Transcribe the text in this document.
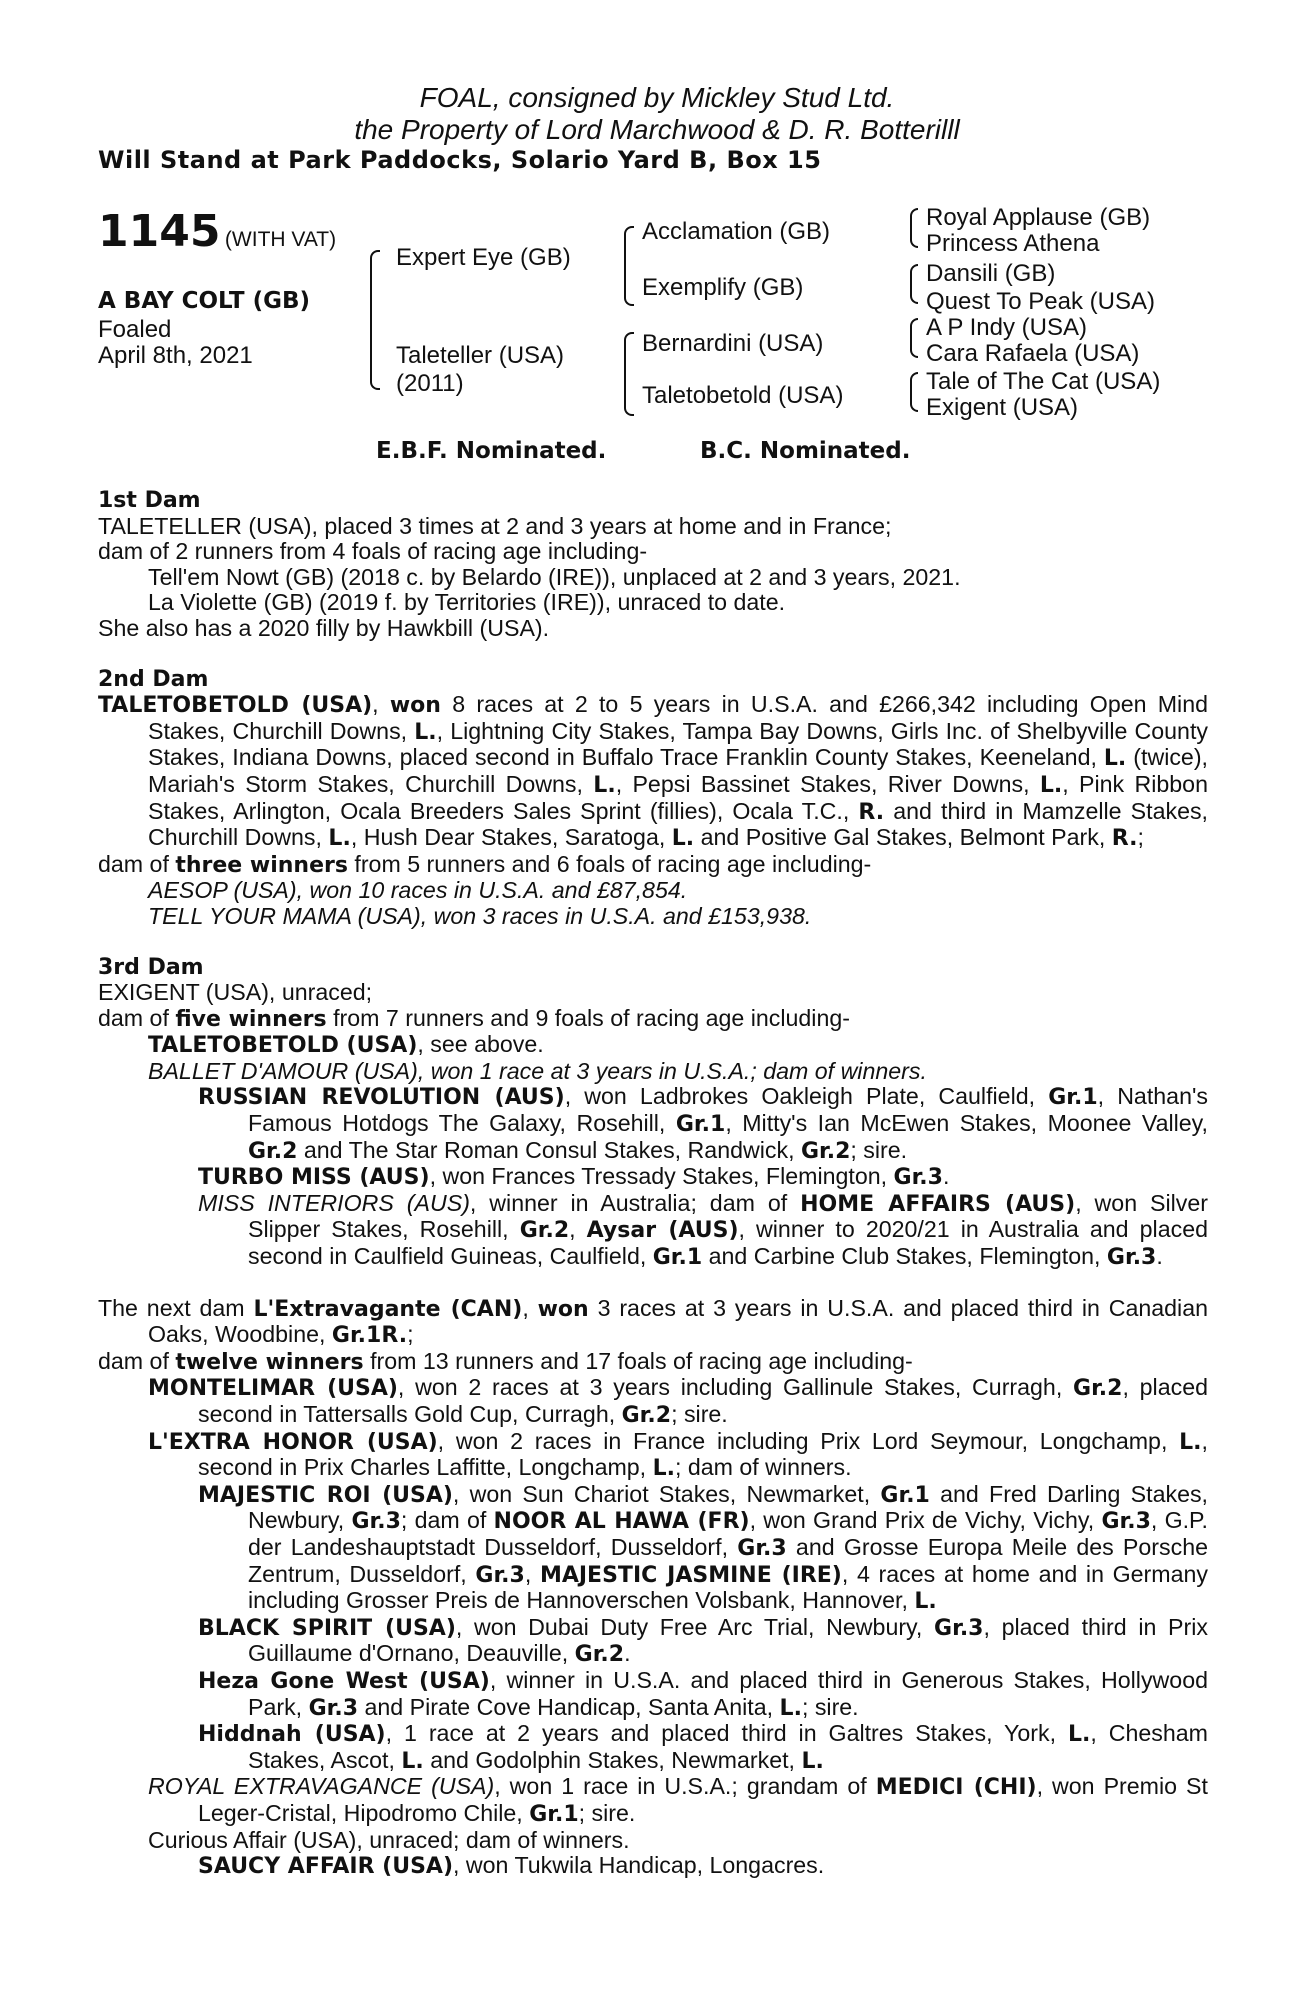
FOAL, consigned by Mickley Stud Ltd.
the Property of Lord Marchwood & D. R. Botterilll
Will Stand at Park Paddocks, Solario Yard B, Box 15
1145 (WITH VAT)
A BAY COLT (GB)
Foaled
April 8th, 2021
Expert Eye (GB)
Taleteller (USA)
(2011)
Acclamation (GB)
Exemplify (GB)
Bernardini (USA)
Taletobetold (USA)
Royal Applause (GB)
Princess Athena
Dansili (GB)
Quest To Peak (USA)
A P Indy (USA)
Cara Rafaela (USA)
Tale of The Cat (USA)
Exigent (USA)
E.B.F. Nominated.	B.C. Nominated.
1st Dam

TALETELLER (USA), placed 3 times at 2 and 3 years at home and in France;

dam of 2 runners from 4 foals of racing age including-

Tell'em Nowt (GB) (2018 c. by Belardo (IRE)), unplaced at 2 and 3 years, 2021.

La Violette (GB) (2019 f. by Territories (IRE)), unraced to date.

She also has a 2020 filly by Hawkbill (USA).

2nd Dam

TALETOBETOLD (USA), won 8 races at 2 to 5 years in U.S.A. and £266,342 including Open Mind Stakes, Churchill Downs, L., Lightning City Stakes, Tampa Bay Downs, Girls Inc. of Shelbyville County Stakes, Indiana Downs, placed second in Buffalo Trace Franklin County Stakes, Keeneland, L. (twice), Mariah's Storm Stakes, Churchill Downs, L., Pepsi Bassinet Stakes, River Downs, L., Pink Ribbon Stakes, Arlington, Ocala Breeders Sales Sprint (fillies), Ocala T.C., R. and third in Mamzelle Stakes, Churchill Downs, L., Hush Dear Stakes, Saratoga, L. and Positive Gal Stakes, Belmont Park, R.;

dam of three winners from 5 runners and 6 foals of racing age including-

AESOP (USA), won 10 races in U.S.A. and £87,854.

TELL YOUR MAMA (USA), won 3 races in U.S.A. and £153,938.

3rd Dam

EXIGENT (USA), unraced;

dam of five winners from 7 runners and 9 foals of racing age including-

TALETOBETOLD (USA), see above.

BALLET D'AMOUR (USA), won 1 race at 3 years in U.S.A.; dam of winners.

RUSSIAN REVOLUTION (AUS), won Ladbrokes Oakleigh Plate, Caulfield, Gr.1, Nathan's Famous Hotdogs The Galaxy, Rosehill, Gr.1, Mitty's Ian McEwen Stakes, Moonee Valley, Gr.2 and The Star Roman Consul Stakes, Randwick, Gr.2; sire.

TURBO MISS (AUS), won Frances Tressady Stakes, Flemington, Gr.3.

MISS INTERIORS (AUS), winner in Australia; dam of HOME AFFAIRS (AUS), won Silver Slipper Stakes, Rosehill, Gr.2, Aysar (AUS), winner to 2020/21 in Australia and placed second in Caulfield Guineas, Caulfield, Gr.1 and Carbine Club Stakes, Flemington, Gr.3.

The next dam L'Extravagante (CAN), won 3 races at 3 years in U.S.A. and placed third in Canadian Oaks, Woodbine, Gr.1R.;

dam of twelve winners from 13 runners and 17 foals of racing age including-

MONTELIMAR (USA), won 2 races at 3 years including Gallinule Stakes, Curragh, Gr.2, placed second in Tattersalls Gold Cup, Curragh, Gr.2; sire.

L'EXTRA HONOR (USA), won 2 races in France including Prix Lord Seymour, Longchamp, L., second in Prix Charles Laffitte, Longchamp, L.; dam of winners.

MAJESTIC ROI (USA), won Sun Chariot Stakes, Newmarket, Gr.1 and Fred Darling Stakes, Newbury, Gr.3; dam of NOOR AL HAWA (FR), won Grand Prix de Vichy, Vichy, Gr.3, G.P. der Landeshauptstadt Dusseldorf, Dusseldorf, Gr.3 and Grosse Europa Meile des Porsche Zentrum, Dusseldorf, Gr.3, MAJESTIC JASMINE (IRE), 4 races at home and in Germany including Grosser Preis de Hannoverschen Volsbank, Hannover, L.

BLACK SPIRIT (USA), won Dubai Duty Free Arc Trial, Newbury, Gr.3, placed third in Prix Guillaume d'Ornano, Deauville, Gr.2.

Heza Gone West (USA), winner in U.S.A. and placed third in Generous Stakes, Hollywood Park, Gr.3 and Pirate Cove Handicap, Santa Anita, L.; sire.

Hiddnah (USA), 1 race at 2 years and placed third in Galtres Stakes, York, L., Chesham Stakes, Ascot, L. and Godolphin Stakes, Newmarket, L.

ROYAL EXTRAVAGANCE (USA), won 1 race in U.S.A.; grandam of MEDICI (CHI), won Premio St Leger-Cristal, Hipodromo Chile, Gr.1; sire.

Curious Affair (USA), unraced; dam of winners.

SAUCY AFFAIR (USA), won Tukwila Handicap, Longacres.
